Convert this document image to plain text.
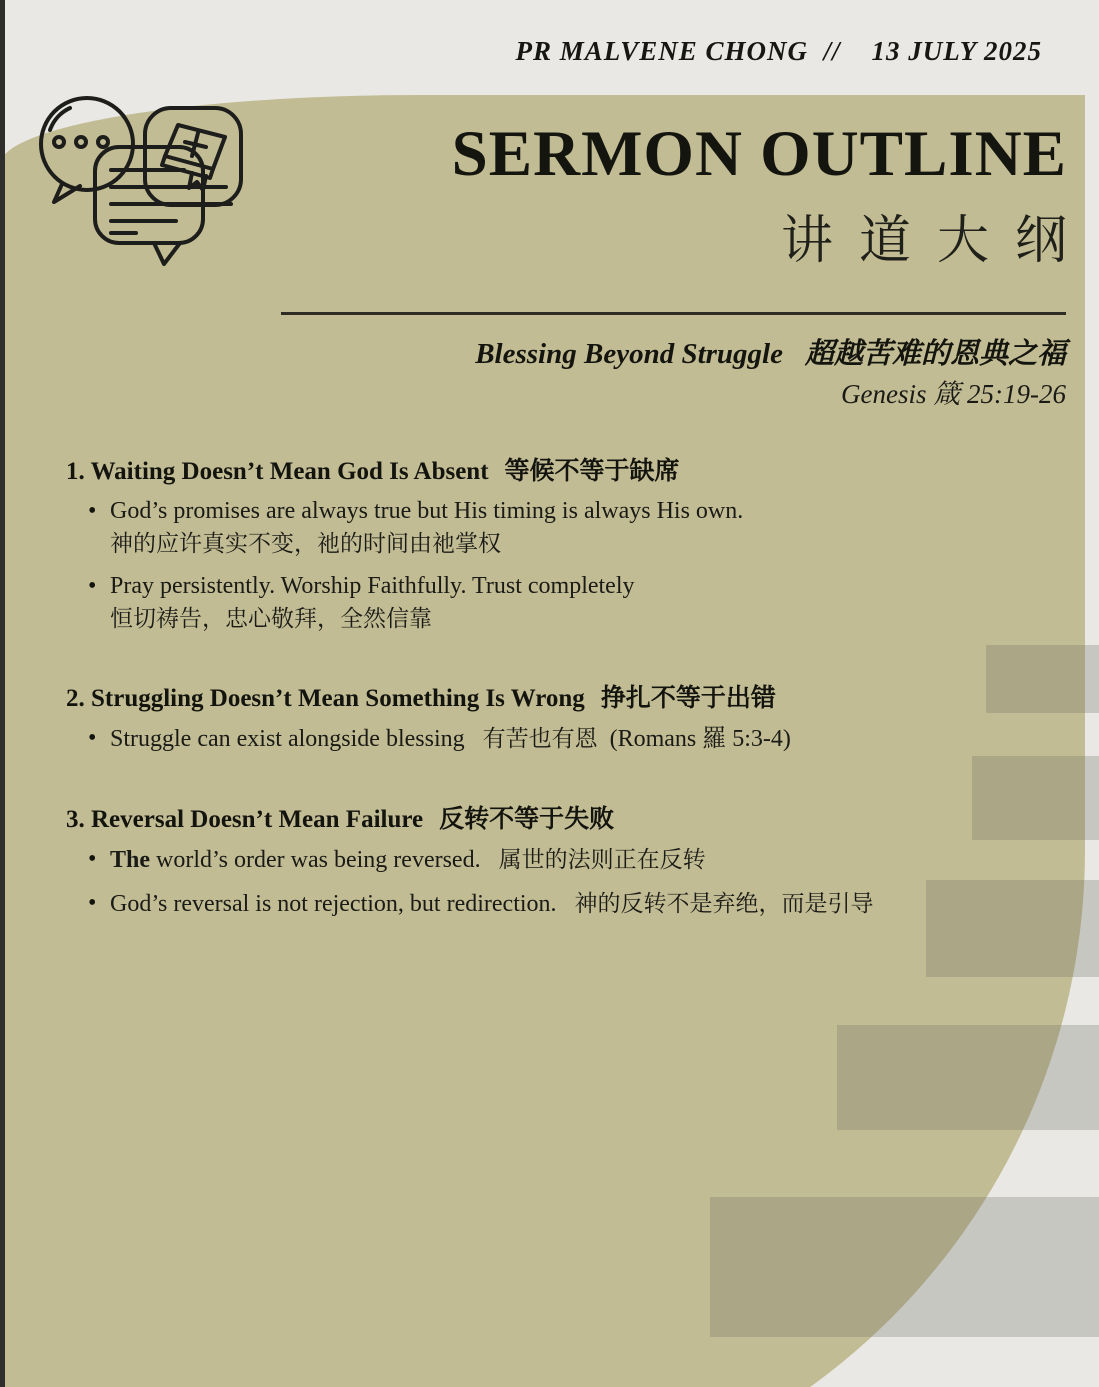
PR MALVENE CHONG  //    13 JULY 2025
SERMON OUTLINE
讲道大纲
Blessing Beyond Struggle 超越苦难的恩典之福
Genesis 箴 25:19-26
1. Waiting Doesn’t Mean God Is Absent 等候不等于缺席
• God’s promises are always true but His timing is always His own.
神的应许真实不变，祂的时间由祂掌权
• Pray persistently. Worship Faithfully. Trust completely
恒切祷告，忠心敬拜，全然信靠
2. Struggling Doesn’t Mean Something Is Wrong 挣扎不等于出错
• Struggle can exist alongside blessing 有苦也有恩 (Romans 羅 5:3-4)
3. Reversal Doesn’t Mean Failure 反转不等于失败
• The world’s order was being reversed. 属世的法则正在反转
• God’s reversal is not rejection, but redirection. 神的反转不是弃绝，而是引导
